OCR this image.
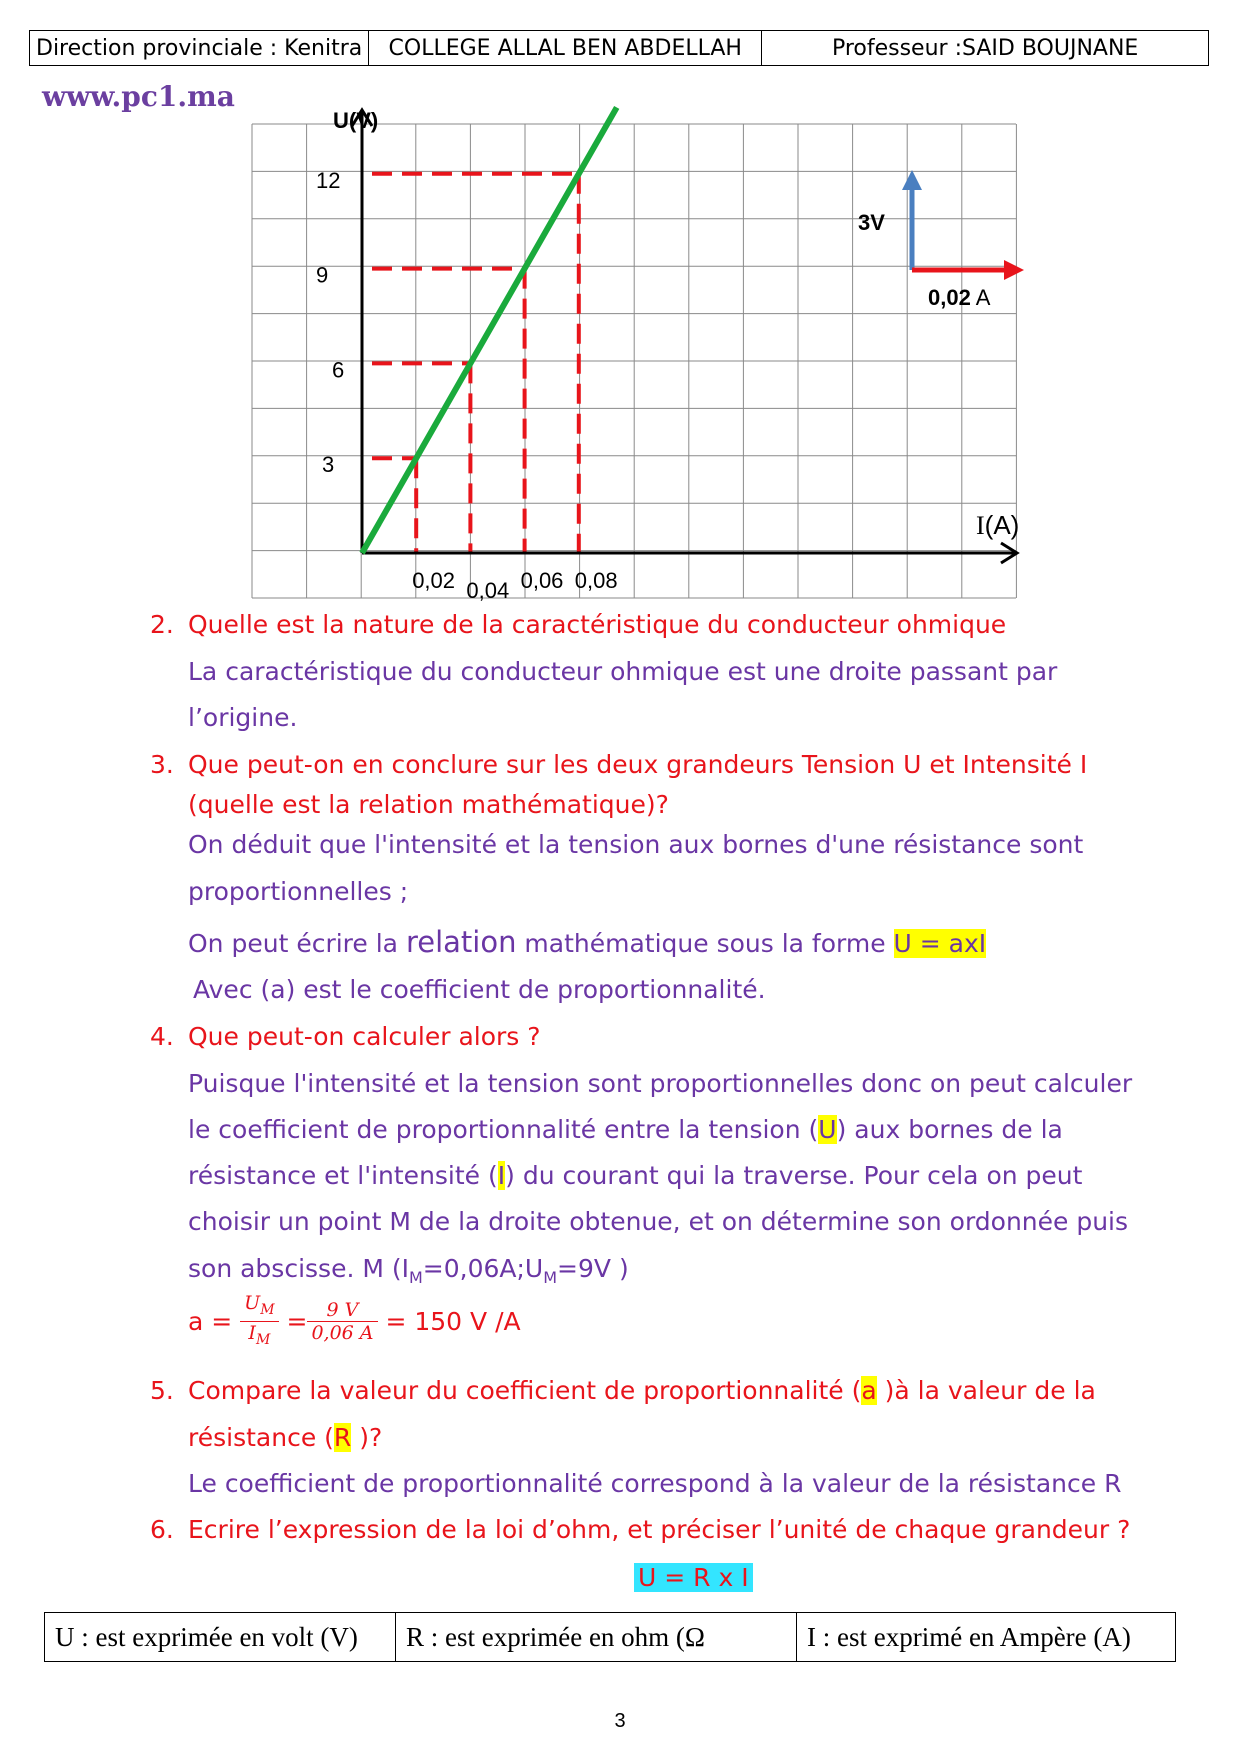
Direction provinciale : Kenitra	COLLEGE ALLAL BEN ABDELLAH	Professeur :SAID BOUJNANE
www.pc1.ma
U(V)
I(A)
0,02 0,04 0,06 0,08
3
6
9
12
3V
0,02 A
2. Quelle est la nature de la caractéristique du conducteur ohmique
La caractéristique du conducteur ohmique est une droite passant par
l’origine.
3. Que peut-on en conclure sur les deux grandeurs Tension U et Intensité I
(quelle est la relation mathématique)?
On déduit que l'intensité et la tension aux bornes d'une résistance sont
proportionnelles ;
On peut écrire la relation mathématique sous la forme U = axI
Avec (a) est le coefficient de proportionnalité.
4. Que peut-on calculer alors ?
Puisque l'intensité et la tension sont proportionnelles donc on peut calculer
le coefficient de proportionnalité entre la tension (U) aux bornes de la
résistance et l'intensité (I) du courant qui la traverse. Pour cela on peut
choisir un point M de la droite obtenue, et on détermine son ordonnée puis
son abscisse. M ($I_M=0,06A;U_M=9V$ )
$a = \frac{U_M}{I_M} = \frac{9 V}{0,06 A} = 150$ V /A
5. Compare la valeur du coefficient de proportionnalité (a )à la valeur de la
résistance (R )?
Le coefficient de proportionnalité correspond à la valeur de la résistance R
6. Ecrire l’expression de la loi d’ohm, et préciser l’unité de chaque grandeur ?
U = R x I
U : est exprimée en volt (V)	R : est exprimée en ohm (Ω	I : est exprimé en Ampère (A)
3
